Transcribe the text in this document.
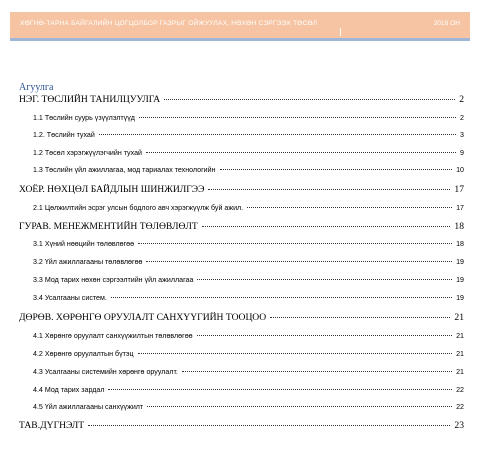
ХӨГНӨ-ТАРНА БАЙГАЛИЙН ЦОГЦОЛБОР ГАЗРЫГ ОЙЖУУЛАХ, НӨХӨН СЭРГЭЭХ ТӨСӨЛ	2018 ОН
Агуулга
НЭГ. ТӨСЛИЙН ТАНИЛЦУУЛГА	2
1.1 Төслийн суурь үзүүлэлтүүд	2
1.2. Төслийн тухай	3
1.2 Төсөл хэрэгжүүлэгчийн тухай	9
1.3 Төслийн үйл ажиллагаа, мод тариалах технологийн	10
ХОЁР. НӨХЦӨЛ БАЙДЛЫН ШИНЖИЛГЭЭ	17
2.1 Цөлжилтийн эсрэг улсын бодлого авч хэрэгжүүлж буй ажил.	17
ГУРАВ. МЕНЕЖМЕНТИЙН ТӨЛӨВЛӨЛТ	18
3.1 Хүний нөөцийн төлөвлөгөө	18
3.2 Үйл ажиллагааны төлөвлөгөө	19
3.3 Мод тарих нөхөн сэргээлтийн үйл ажиллагаа	19
3.4 Усалгааны систем.	19
ДӨРӨВ. ХӨРӨНГӨ ОРУУЛАЛТ САНХҮҮГИЙН ТООЦОО	21
4.1 Хөрөнгө оруулалт санхүүжилтын төлөвлөгөө	21
4.2 Хөрөнгө оруулалтын бүтэц	21
4.3 Усалгааны системийн хөрөнгө оруулалт.	21
4.4 Мод тарих зардал	22
4.5 Үйл ажиллагааны санхүүжилт	22
ТАВ.ДҮГНЭЛТ	23
